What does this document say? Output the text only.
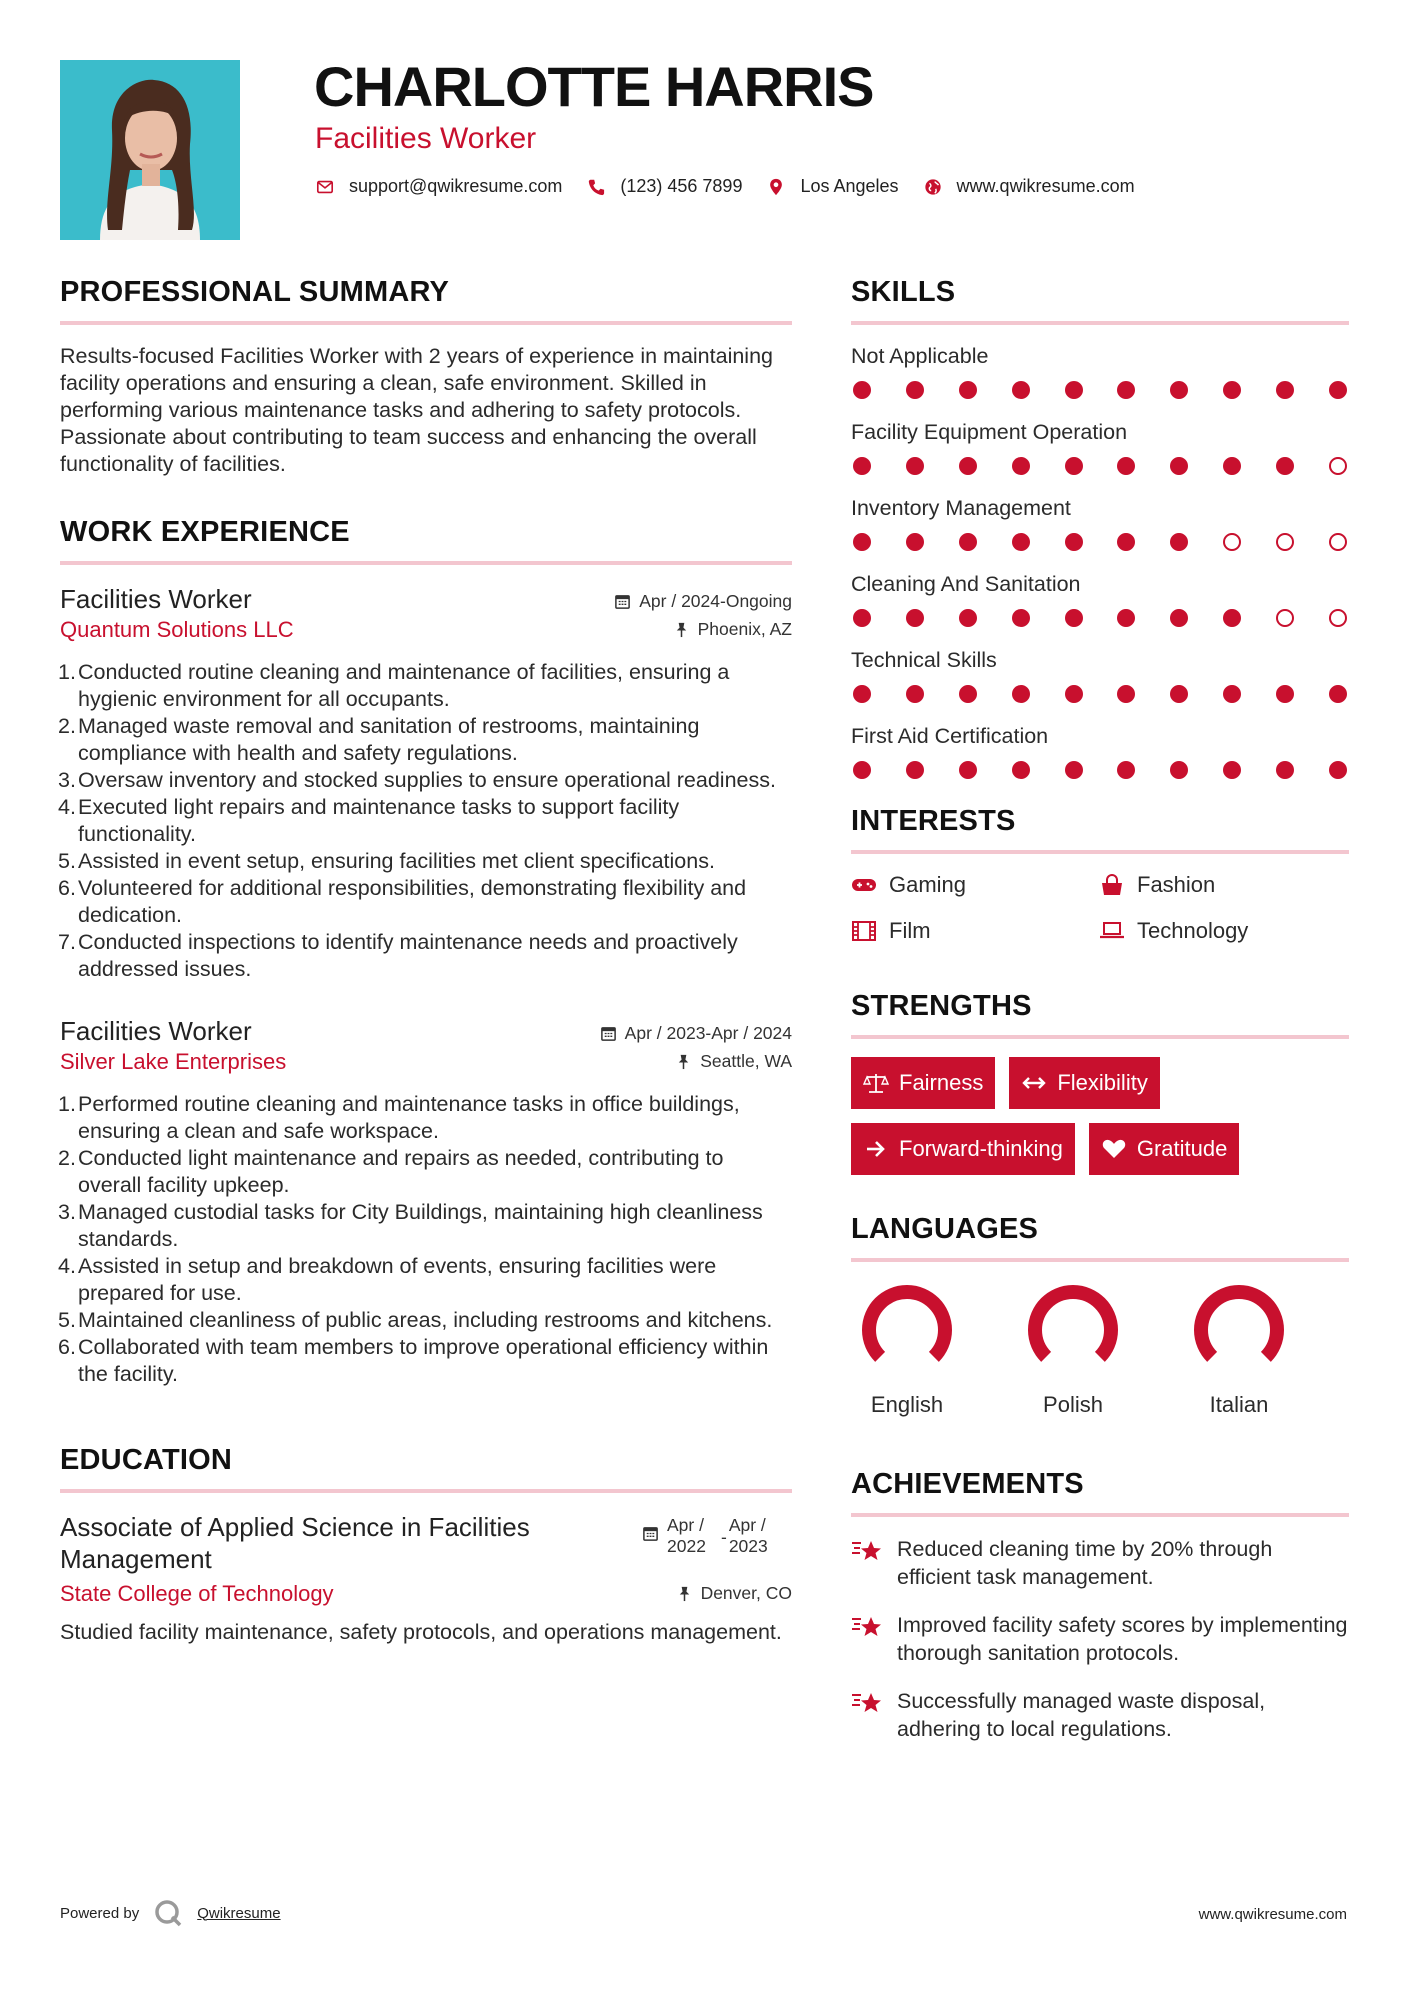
CHARLOTTE HARRIS
Facilities Worker
support@qwikresume.com	(123) 456 7899	Los Angeles	www.qwikresume.com
PROFESSIONAL SUMMARY

Results-focused Facilities Worker with 2 years of experience in maintaining facility operations and ensuring a clean, safe environment. Skilled in performing various maintenance tasks and adhering to safety protocols. Passionate about contributing to team success and enhancing the overall functionality of facilities.

WORK EXPERIENCE
Facilities Worker	Apr / 2024-Ongoing
Quantum Solutions LLC	Phoenix, AZ
Conducted routine cleaning and maintenance of facilities, ensuring a hygienic environment for all occupants.
Managed waste removal and sanitation of restrooms, maintaining compliance with health and safety regulations.
Oversaw inventory and stocked supplies to ensure operational readiness.
Executed light repairs and maintenance tasks to support facility functionality.
Assisted in event setup, ensuring facilities met client specifications.
Volunteered for additional responsibilities, demonstrating flexibility and dedication.
Conducted inspections to identify maintenance needs and proactively addressed issues.
Facilities Worker	Apr / 2023-Apr / 2024
Silver Lake Enterprises	Seattle, WA
Performed routine cleaning and maintenance tasks in office buildings, ensuring a clean and safe workspace.
Conducted light maintenance and repairs as needed, contributing to overall facility upkeep.
Managed custodial tasks for City Buildings, maintaining high cleanliness standards.
Assisted in setup and breakdown of events, ensuring facilities were prepared for use.
Maintained cleanliness of public areas, including restrooms and kitchens.
Collaborated with team members to improve operational efficiency within the facility.
EDUCATION
Associate of Applied Science in Facilities Management
Apr / 2022 -
Apr / 2023
State College of Technology	Denver, CO

Studied facility maintenance, safety protocols, and operations management.

SKILLS
Not Applicable
Facility Equipment Operation
Inventory Management
Cleaning And Sanitation
Technical Skills
First Aid Certification
INTERESTS
Gaming	Fashion
Film	Technology
STRENGTHS
Fairness	Flexibility
Forward-thinking	Gratitude
LANGUAGES
English	Polish	Italian
ACHIEVEMENTS
Reduced cleaning time by 20% through efficient task management.
Improved facility safety scores by implementing thorough sanitation protocols.
Successfully managed waste disposal, adhering to local regulations.
Powered by	Qwikresume	www.qwikresume.com
